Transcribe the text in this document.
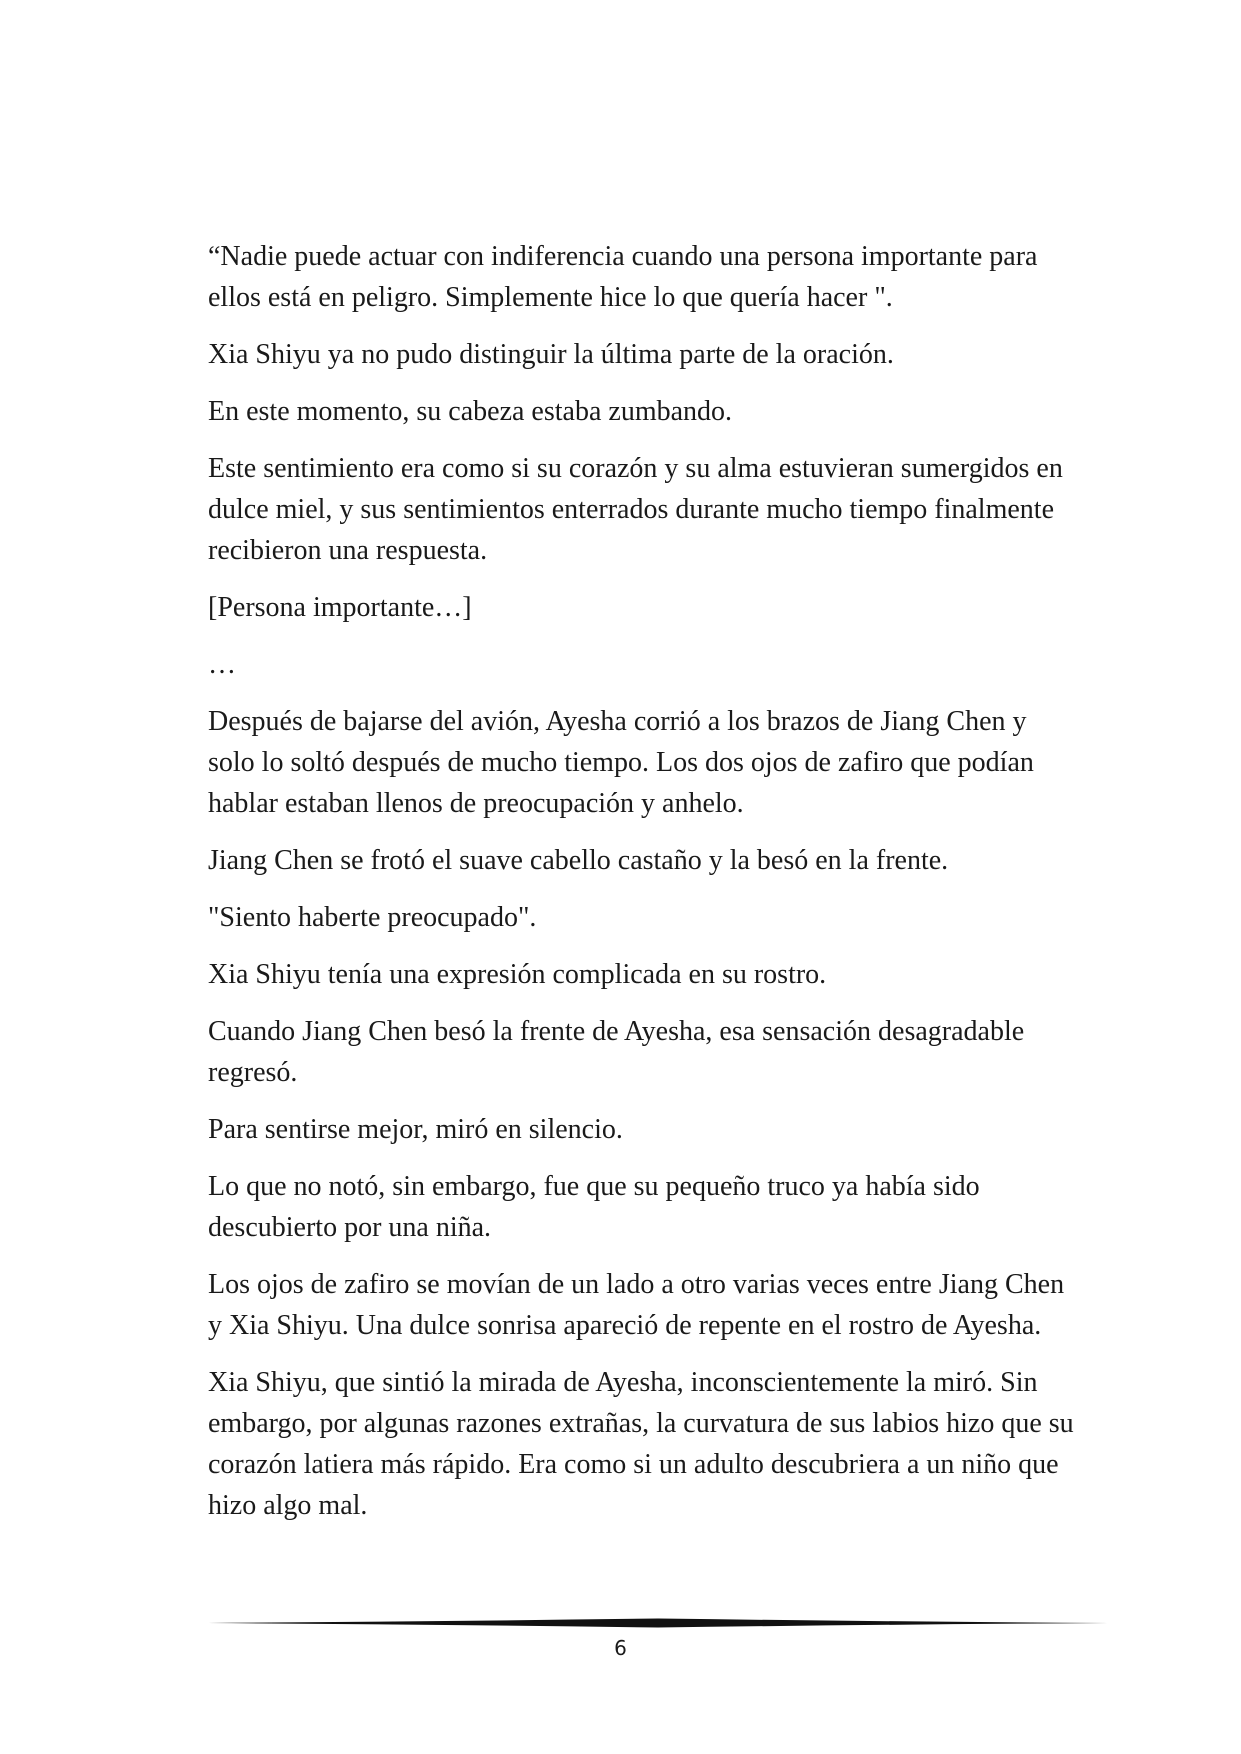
“Nadie puede actuar con indiferencia cuando una persona importante para ellos está en peligro. Simplemente hice lo que quería hacer ".

Xia Shiyu ya no pudo distinguir la última parte de la oración.

En este momento, su cabeza estaba zumbando.

Este sentimiento era como si su corazón y su alma estuvieran sumergidos en dulce miel, y sus sentimientos enterrados durante mucho tiempo finalmente recibieron una respuesta.

[Persona importante…]

…

Después de bajarse del avión, Ayesha corrió a los brazos de Jiang Chen y solo lo soltó después de mucho tiempo. Los dos ojos de zafiro que podían hablar estaban llenos de preocupación y anhelo.

Jiang Chen se frotó el suave cabello castaño y la besó en la frente.

"Siento haberte preocupado".

Xia Shiyu tenía una expresión complicada en su rostro.

Cuando Jiang Chen besó la frente de Ayesha, esa sensación desagradable regresó.

Para sentirse mejor, miró en silencio.

Lo que no notó, sin embargo, fue que su pequeño truco ya había sido descubierto por una niña.

Los ojos de zafiro se movían de un lado a otro varias veces entre Jiang Chen y Xia Shiyu. Una dulce sonrisa apareció de repente en el rostro de Ayesha.

Xia Shiyu, que sintió la mirada de Ayesha, inconscientemente la miró. Sin embargo, por algunas razones extrañas, la curvatura de sus labios hizo que su corazón latiera más rápido. Era como si un adulto descubriera a un niño que hizo algo mal.

6
